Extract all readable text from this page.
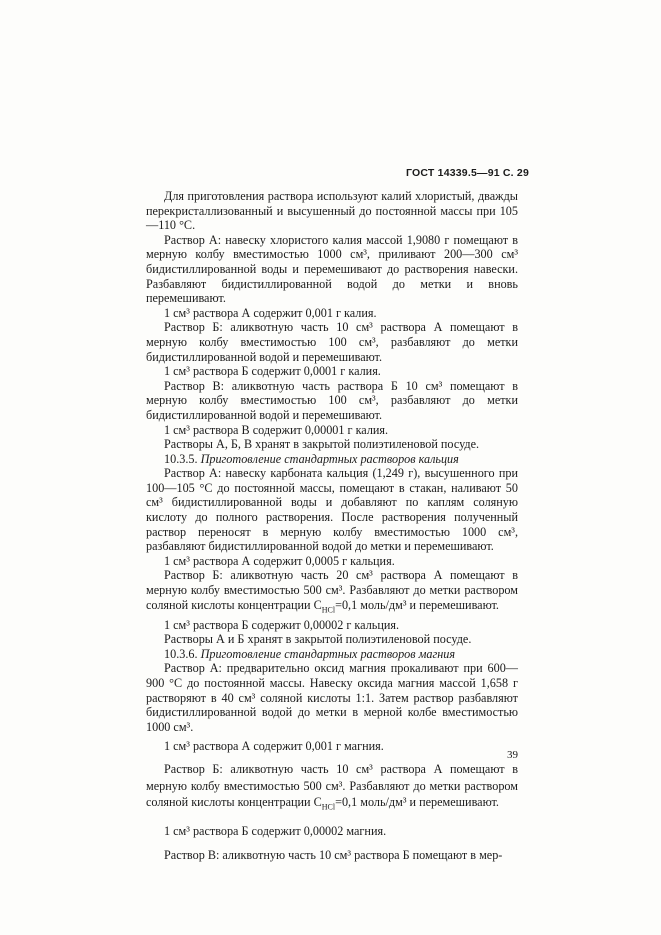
ГОСТ 14339.5—91 С. 29

Для приготовления раствора используют калий хлористый, дважды перекристаллизованный и высушенный до постоянной массы при 105—110 °С.

Раствор А: навеску хлористого калия массой 1,9080 г помещают в мерную колбу вместимостью 1000 см³, приливают 200—300 см³ бидистиллированной воды и перемешивают до растворения навески. Разбавляют бидистиллированной водой до метки и вновь перемешивают.

1 см³ раствора А содержит 0,001 г калия.

Раствор Б: аликвотную часть 10 см³ раствора А помещают в мерную колбу вместимостью 100 см³, разбавляют до метки бидистиллированной водой и перемешивают.

1 см³ раствора Б содержит 0,0001 г калия.

Раствор В: аликвотную часть раствора Б 10 см³ помещают в мерную колбу вместимостью 100 см³, разбавляют до метки бидистиллированной водой и перемешивают.

1 см³ раствора В содержит 0,00001 г калия.

Растворы А, Б, В хранят в закрытой полиэтиленовой посуде.

10.3.5. Приготовление стандартных растворов кальция

Раствор А: навеску карбоната кальция (1,249 г), высушенного при 100—105 °С до постоянной массы, помещают в стакан, наливают 50 см³ бидистиллированной воды и добавляют по каплям соляную кислоту до полного растворения. После растворения полученный раствор переносят в мерную колбу вместимостью 1000 см³, разбавляют бидистиллированной водой до метки и перемешивают.

1 см³ раствора А содержит 0,0005 г кальция.

Раствор Б: аликвотную часть 20 см³ раствора А помещают в мерную колбу вместимостью 500 см³. Разбавляют до метки раствором соляной кислоты концентрации $C_{HCl}=0,1$ моль/дм³ и перемешивают.

1 см³ раствора Б содержит 0,00002 г кальция.

Растворы А и Б хранят в закрытой полиэтиленовой посуде.

10.3.6. Приготовление стандартных растворов магния

Раствор А: предварительно оксид магния прокаливают при 600—900 °С до постоянной массы. Навеску оксида магния массой 1,658 г растворяют в 40 см³ соляной кислоты 1:1. Затем раствор разбавляют бидистиллированной водой до метки в мерной колбе вместимостью 1000 см³.

1 см³ раствора А содержит 0,001 г магния.

Раствор Б: аликвотную часть 10 см³ раствора А помещают в мерную колбу вместимостью 500 см³. Разбавляют до метки раствором соляной кислоты концентрации $C_{HCl}=0,1$ моль/дм³ и перемешивают.

1 см³ раствора Б содержит 0,00002 магния.

Раствор В: аликвотную часть 10 см³ раствора Б помещают в мер-

39
